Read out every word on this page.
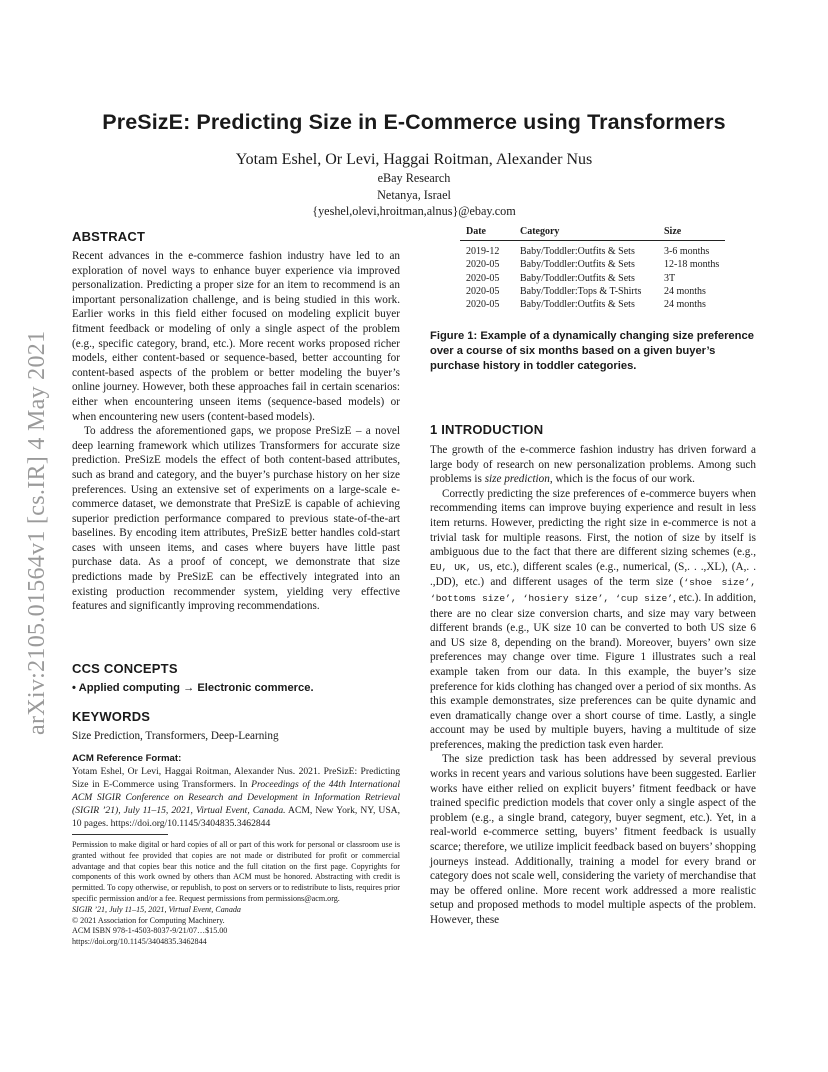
arXiv:2105.01564v1 [cs.IR] 4 May 2021
PreSizE: Predicting Size in E-Commerce using Transformers
Yotam Eshel, Or Levi, Haggai Roitman, Alexander Nus
eBay Research
Netanya, Israel
{yeshel,olevi,hroitman,alnus}@ebay.com
ABSTRACT

Recent advances in the e-commerce fashion industry have led to an exploration of novel ways to enhance buyer experience via improved personalization. Predicting a proper size for an item to recommend is an important personalization challenge, and is being studied in this work. Earlier works in this field either focused on modeling explicit buyer fitment feedback or modeling of only a single aspect of the problem (e.g., specific category, brand, etc.). More recent works proposed richer models, either content-based or sequence-based, better accounting for content-based aspects of the problem or better modeling the buyer’s online journey. However, both these approaches fail in certain scenarios: either when encountering unseen items (sequence-based models) or when encountering new users (content-based models).

To address the aforementioned gaps, we propose PreSizE – a novel deep learning framework which utilizes Transformers for accurate size prediction. PreSizE models the effect of both content-based attributes, such as brand and category, and the buyer’s purchase history on her size preferences. Using an extensive set of experiments on a large-scale e-commerce dataset, we demonstrate that PreSizE is capable of achieving superior prediction performance compared to previous state-of-the-art baselines. By encoding item attributes, PreSizE better handles cold-start cases with unseen items, and cases where buyers have little past purchase data. As a proof of concept, we demonstrate that size predictions made by PreSizE can be effectively integrated into an existing production recommender system, yielding very effective features and significantly improving recommendations.

CCS CONCEPTS
• Applied computing → Electronic commerce.
KEYWORDS
Size Prediction, Transformers, Deep-Learning
ACM Reference Format:

Yotam Eshel, Or Levi, Haggai Roitman, Alexander Nus. 2021. PreSizE: Predicting Size in E-Commerce using Transformers. In Proceedings of the 44th International ACM SIGIR Conference on Research and Development in Information Retrieval (SIGIR ’21), July 11–15, 2021, Virtual Event, Canada. ACM, New York, NY, USA, 10 pages. https://doi.org/10.1145/3404835.3462844

Permission to make digital or hard copies of all or part of this work for personal or classroom use is granted without fee provided that copies are not made or distributed for profit or commercial advantage and that copies bear this notice and the full citation on the first page. Copyrights for components of this work owned by others than ACM must be honored. Abstracting with credit is permitted. To copy otherwise, or republish, to post on servers or to redistribute to lists, requires prior specific permission and/or a fee. Request permissions from permissions@acm.org.

SIGIR ’21, July 11–15, 2021, Virtual Event, Canada
© 2021 Association for Computing Machinery.
ACM ISBN 978-1-4503-8037-9/21/07…$15.00
https://doi.org/10.1145/3404835.3462844
Date	Category	Size
2019-12	Baby/Toddler:Outfits & Sets	3-6 months
2020-05	Baby/Toddler:Outfits & Sets	12-18 months
2020-05	Baby/Toddler:Outfits & Sets	3T
2020-05	Baby/Toddler:Tops & T-Shirts	24 months
2020-05	Baby/Toddler:Outfits & Sets	24 months
Figure 1: Example of a dynamically changing size preference over a course of six months based on a given buyer’s purchase history in toddler categories.
1 INTRODUCTION

The growth of the e-commerce fashion industry has driven forward a large body of research on new personalization problems. Among such problems is size prediction, which is the focus of our work.

Correctly predicting the size preferences of e-commerce buyers when recommending items can improve buying experience and result in less item returns. However, predicting the right size in e-commerce is not a trivial task for multiple reasons. First, the notion of size by itself is ambiguous due to the fact that there are different sizing schemes (e.g., EU, UK, US, etc.), different scales (e.g., numerical, (S,. . .,XL), (A,. . .,DD), etc.) and different usages of the term size (‘shoe size’, ‘bottoms size’, ‘hosiery size’, ‘cup size’, etc.). In addition, there are no clear size conversion charts, and size may vary between different brands (e.g., UK size 10 can be converted to both US size 6 and US size 8, depending on the brand). Moreover, buyers’ own size preferences may change over time. Figure 1 illustrates such a real example taken from our data. In this example, the buyer’s size preference for kids clothing has changed over a period of six months. As this example demonstrates, size preferences can be quite dynamic and even dramatically change over a short course of time. Lastly, a single account may be used by multiple buyers, having a multitude of size preferences, making the prediction task even harder.

The size prediction task has been addressed by several previous works in recent years and various solutions have been suggested. Earlier works have either relied on explicit buyers’ fitment feedback or have trained specific prediction models that cover only a single aspect of the problem (e.g., a single brand, category, buyer segment, etc.). Yet, in a real-world e-commerce setting, buyers’ fitment feedback is usually scarce; therefore, we utilize implicit feedback based on buyers’ shopping journeys instead. Additionally, training a model for every brand or category does not scale well, considering the variety of merchandise that may be offered online. More recent work addressed a more realistic setup and proposed methods to model multiple aspects of the problem. However, these
